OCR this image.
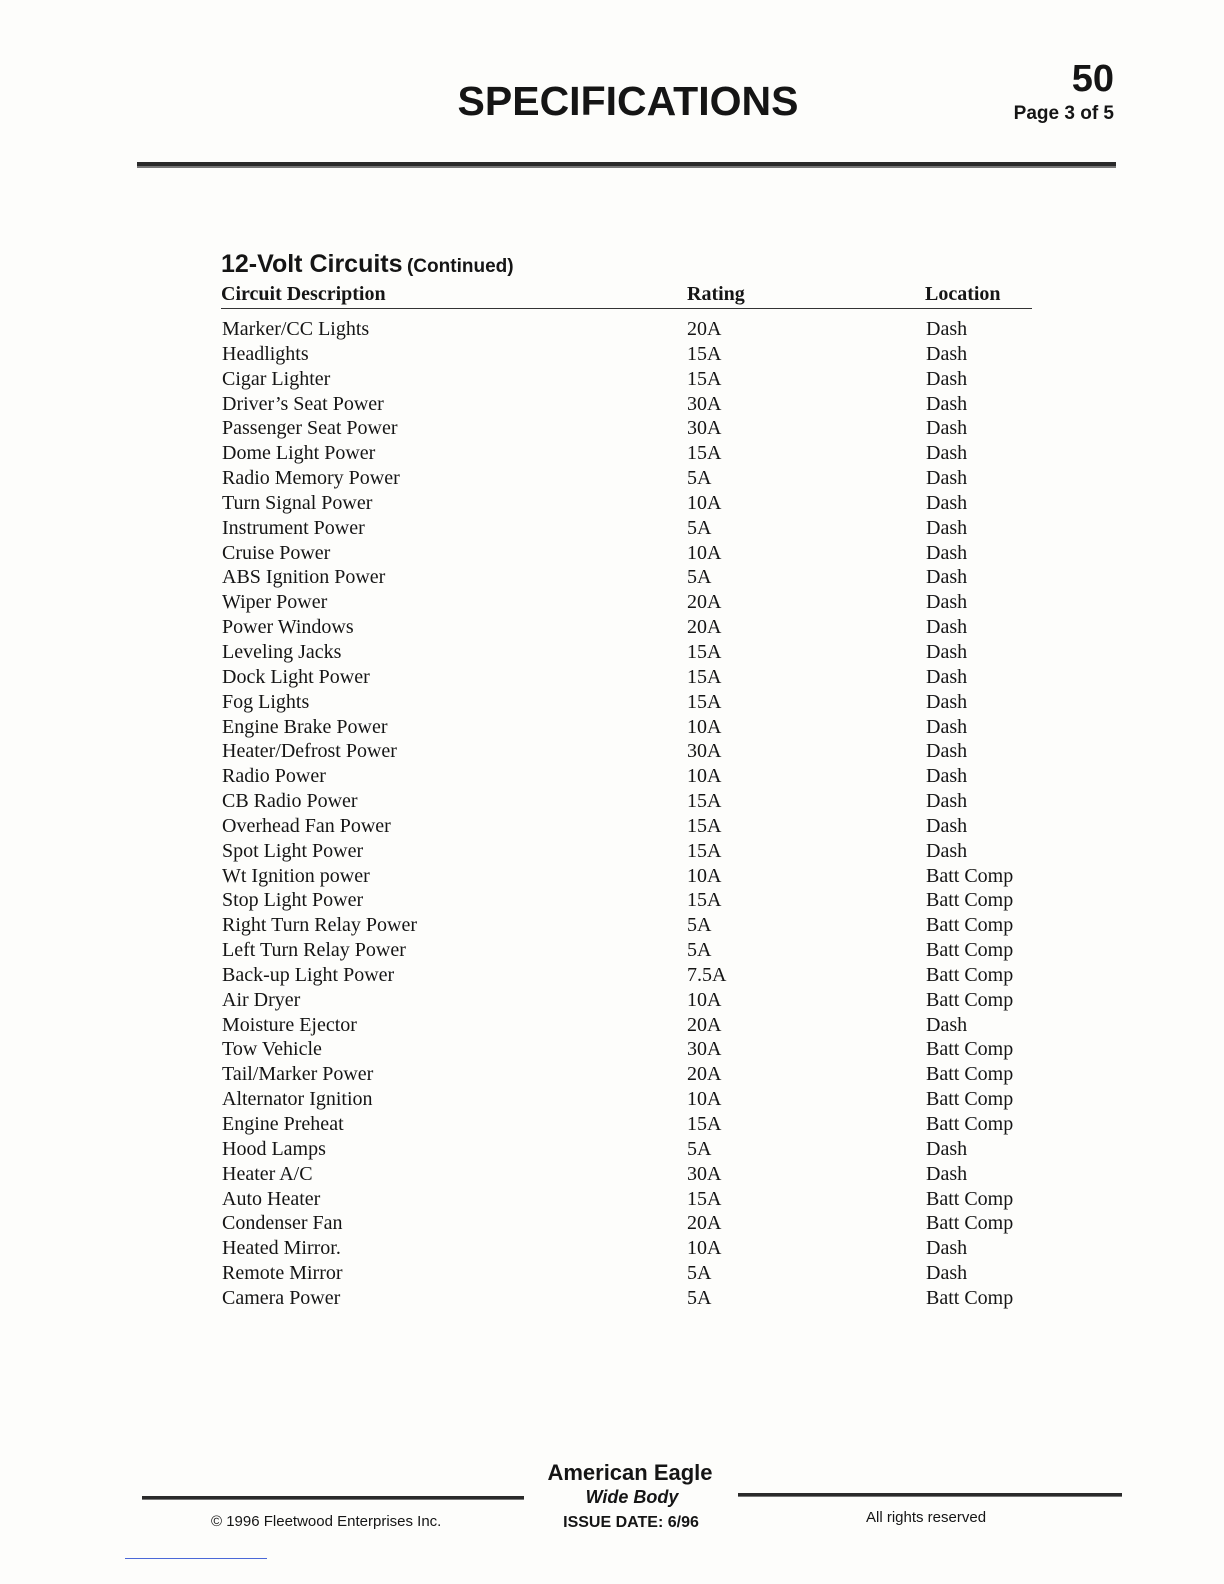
SPECIFICATIONS	50
Page 3 of 5
12-Volt Circuits (Continued)
Circuit Description	Rating	Location
Marker/CC Lights	20A	Dash
Headlights	15A	Dash
Cigar Lighter	15A	Dash
Driver’s Seat Power	30A	Dash
Passenger Seat Power	30A	Dash
Dome Light Power	15A	Dash
Radio Memory Power	5A	Dash
Turn Signal Power	10A	Dash
Instrument Power	5A	Dash
Cruise Power	10A	Dash
ABS Ignition Power	5A	Dash
Wiper Power	20A	Dash
Power Windows	20A	Dash
Leveling Jacks	15A	Dash
Dock Light Power	15A	Dash
Fog Lights	15A	Dash
Engine Brake Power	10A	Dash
Heater/Defrost Power	30A	Dash
Radio Power	10A	Dash
CB Radio Power	15A	Dash
Overhead Fan Power	15A	Dash
Spot Light Power	15A	Dash
Wt Ignition power	10A	Batt Comp
Stop Light Power	15A	Batt Comp
Right Turn Relay Power	5A	Batt Comp
Left Turn Relay Power	5A	Batt Comp
Back-up Light Power	7.5A	Batt Comp
Air Dryer	10A	Batt Comp
Moisture Ejector	20A	Dash
Tow Vehicle	30A	Batt Comp
Tail/Marker Power	20A	Batt Comp
Alternator Ignition	10A	Batt Comp
Engine Preheat	15A	Batt Comp
Hood Lamps	5A	Dash
Heater A/C	30A	Dash
Auto Heater	15A	Batt Comp
Condenser Fan	20A	Batt Comp
Heated Mirror.	10A	Dash
Remote Mirror	5A	Dash
Camera Power	5A	Batt Comp
American Eagle
Wide Body
ISSUE DATE: 6/96
© 1996 Fleetwood Enterprises Inc.	All rights reserved
